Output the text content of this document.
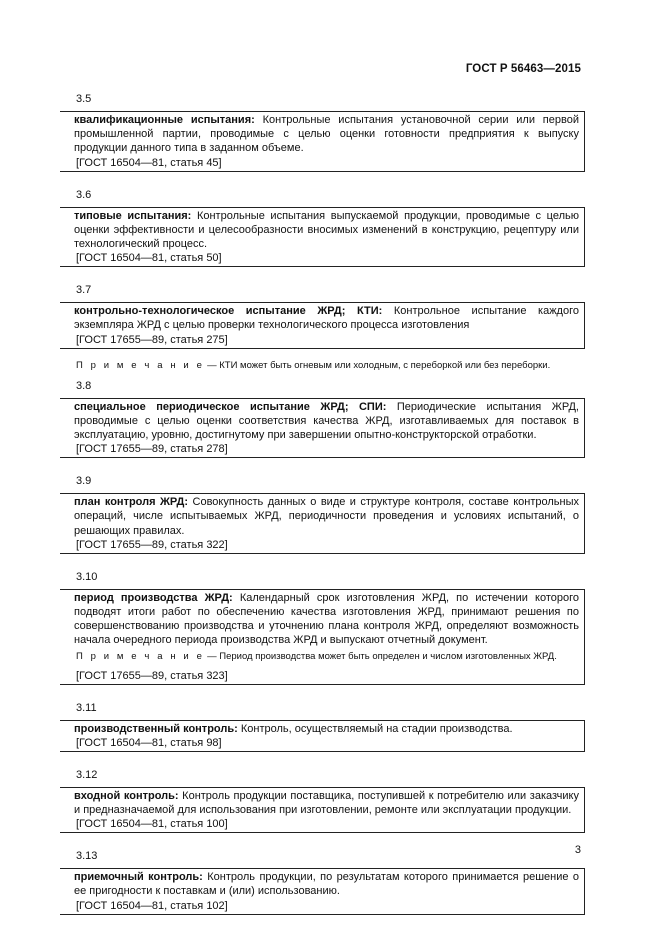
ГОСТ Р 56463—2015
3.5

квалификационные испытания: Контрольные испытания установочной серии или первой промышленной партии, проводимые с целью оценки готовности предприятия к выпуску продукции данного типа в заданном объеме.

[ГОСТ 16504—81, статья 45]
3.6

типовые испытания: Контрольные испытания выпускаемой продукции, проводимые с целью оценки эффективности и целесообразности вносимых изменений в конструкцию, рецептуру или технологический процесс.

[ГОСТ 16504—81, статья 50]
3.7

контрольно-технологическое испытание ЖРД; КТИ: Контрольное испытание каждого экземпляра ЖРД с целью проверки технологического процесса изготовления

[ГОСТ 17655—89, статья 275]
П р и м е ч а н и е — КТИ может быть огневым или холодным, с переборкой или без переборки.
3.8

специальное периодическое испытание ЖРД; СПИ: Периодические испытания ЖРД, проводимые с целью оценки соответствия качества ЖРД, изготавливаемых для поставок в эксплуатацию, уровню, достигнутому при завершении опытно-конструкторской отработки.

[ГОСТ 17655—89, статья 278]
3.9

план контроля ЖРД: Совокупность данных о виде и структуре контроля, составе контрольных операций, числе испытываемых ЖРД, периодичности проведения и условиях испытаний, о решающих правилах.

[ГОСТ 17655—89, статья 322]
3.10

период производства ЖРД: Календарный срок изготовления ЖРД, по истечении которого подводят итоги работ по обеспечению качества изготовления ЖРД, принимают решения по совершенствованию производства и уточнению плана контроля ЖРД, определяют возможность начала очередного периода производства ЖРД и выпускают отчетный документ.

П р и м е ч а н и е — Период производства может быть определен и числом изготовленных ЖРД.
[ГОСТ 17655—89, статья 323]
3.11

производственный контроль: Контроль, осуществляемый на стадии производства.

[ГОСТ 16504—81, статья 98]
3.12

входной контроль: Контроль продукции поставщика, поступившей к потребителю или заказчику и предназначаемой для использования при изготовлении, ремонте или эксплуатации продукции.

[ГОСТ 16504—81, статья 100]
3.13

приемочный контроль: Контроль продукции, по результатам которого принимается решение о ее пригодности к поставкам и (или) использованию.

[ГОСТ 16504—81, статья 102]
3
